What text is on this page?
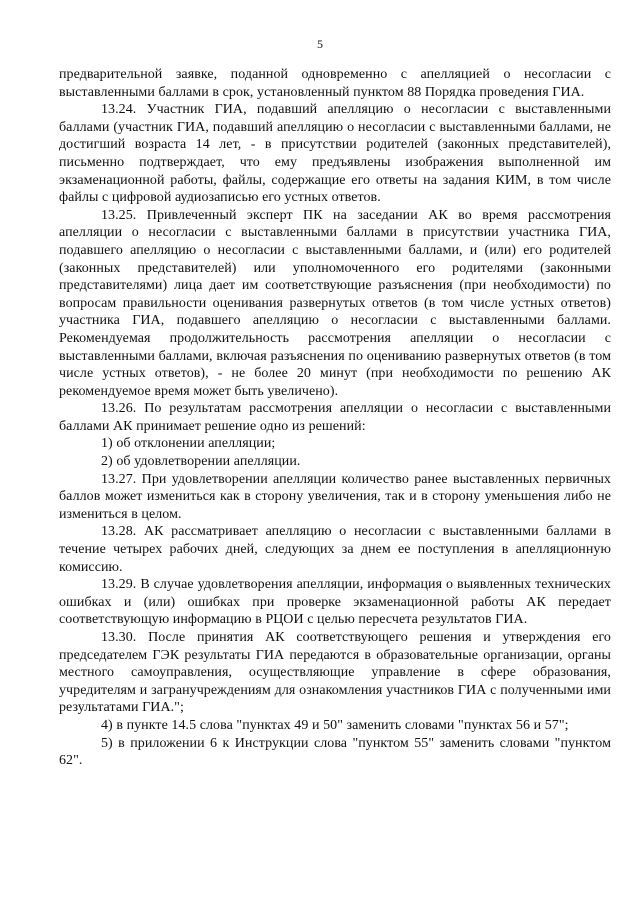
5

предварительной заявке, поданной одновременно с апелляцией о несогласии с выставленными баллами в срок, установленный пунктом 88 Порядка проведения ГИА.

13.24. Участник ГИА, подавший апелляцию о несогласии с выставленными баллами (участник ГИА, подавший апелляцию о несогласии с выставленными баллами, не достигший возраста 14 лет, - в присутствии родителей (законных представителей), письменно подтверждает, что ему предъявлены изображения выполненной им экзаменационной работы, файлы, содержащие его ответы на задания КИМ, в том числе файлы с цифровой аудиозаписью его устных ответов.

13.25. Привлеченный эксперт ПК на заседании АК во время рассмотрения апелляции о несогласии с выставленными баллами в присутствии участника ГИА, подавшего апелляцию о несогласии с выставленными баллами, и (или) его родителей (законных представителей) или уполномоченного его родителями (законными представителями) лица дает им соответствующие разъяснения (при необходимости) по вопросам правильности оценивания развернутых ответов (в том числе устных ответов) участника ГИА, подавшего апелляцию о несогласии с выставленными баллами. Рекомендуемая продолжительность рассмотрения апелляции о несогласии с выставленными баллами, включая разъяснения по оцениванию развернутых ответов (в том числе устных ответов), - не более 20 минут (при необходимости по решению АК рекомендуемое время может быть увеличено).

13.26. По результатам рассмотрения апелляции о несогласии с выставленными баллами АК принимает решение одно из решений:

1) об отклонении апелляции;

2) об удовлетворении апелляции.

13.27. При удовлетворении апелляции количество ранее выставленных первичных баллов может измениться как в сторону увеличения, так и в сторону уменьшения либо не измениться в целом.

13.28. АК рассматривает апелляцию о несогласии с выставленными баллами в течение четырех рабочих дней, следующих за днем ее поступления в апелляционную комиссию.

13.29. В случае удовлетворения апелляции, информация о выявленных технических ошибках и (или) ошибках при проверке экзаменационной работы АК передает соответствующую информацию в РЦОИ с целью пересчета результатов ГИА.

13.30. После принятия АК соответствующего решения и утверждения его председателем ГЭК результаты ГИА передаются в образовательные организации, органы местного самоуправления, осуществляющие управление в сфере образования, учредителям и загранучреждениям для ознакомления участников ГИА с полученными ими результатами ГИА.";

4) в пункте 14.5 слова "пунктах 49 и 50" заменить словами "пунктах 56 и 57";

5) в приложении 6 к Инструкции слова "пунктом 55" заменить словами "пунктом 62".
